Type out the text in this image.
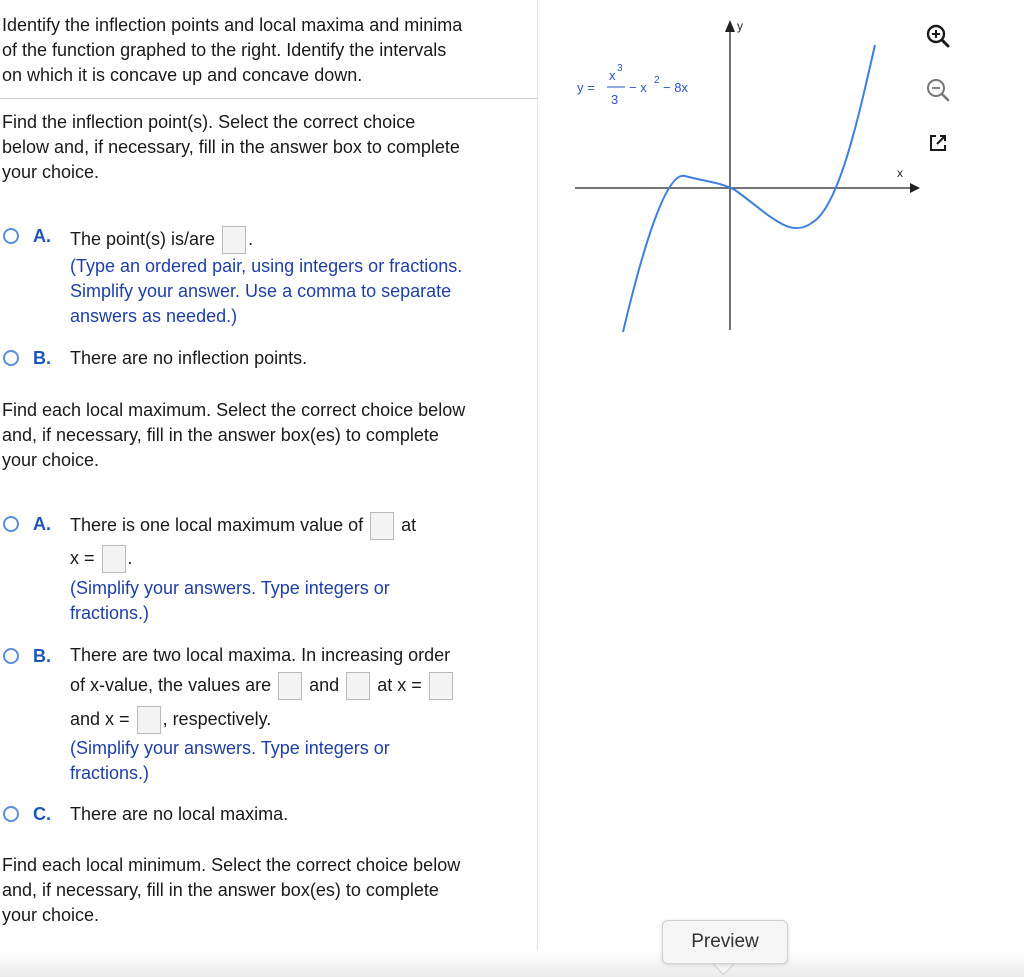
Identify the inflection points and local maxima and minima

of the function graphed to the right. Identify the intervals

on which it is concave up and concave down.

Find the inflection point(s). Select the correct choice

below and, if necessary, fill in the answer box to complete

your choice.

A. The point(s) is/are .
(Type an ordered pair, using integers or fractions.
Simplify your answer. Use a comma to separate
answers as needed.)
B. There are no inflection points.

Find each local maximum. Select the correct choice below

and, if necessary, fill in the answer box(es) to complete

your choice.

A. There is one local maximum value of at
x = .
(Simplify your answers. Type integers or
fractions.)
B. There are two local maxima. In increasing order
of x-value, the values are and at x =
and x = , respectively.
(Simplify your answers. Type integers or
fractions.)
C. There are no local maxima.

Find each local minimum. Select the correct choice below

and, if necessary, fill in the answer box(es) to complete

your choice.

x
y
y =
x 3
3
− x 2 − 8x
Preview
